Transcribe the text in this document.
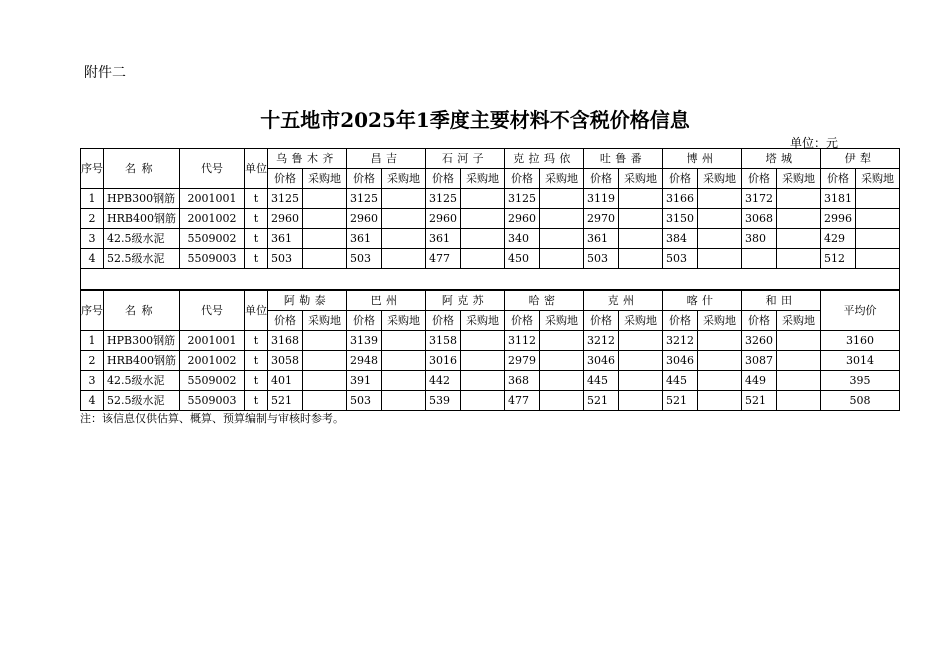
附件二
十五地市2025年1季度主要材料不含税价格信息
单位：元
序号	名称	代号	单位	乌鲁木齐		昌吉		石河子		克拉玛依		吐鲁番		博州		塔城		伊犁	
				价格	采购地	价格	采购地	价格	采购地	价格	采购地	价格	采购地	价格	采购地	价格	采购地	价格	采购地
1	HPB300钢筋	2001001	t	3125		3125		3125		3125		3119		3166		3172		3181	
2	HRB400钢筋	2001002	t	2960		2960		2960		2960		2970		3150		3068		2996	
3	42.5级水泥	5509002	t	361		361		361		340		361		384		380		429	
4	52.5级水泥	5509003	t	503		503		477		450		503		503				512	

序号	名称	代号	单位	阿勒泰		巴州		阿克苏		哈密		克州		喀什		和田		平均价
				价格	采购地	价格	采购地	价格	采购地	价格	采购地	价格	采购地	价格	采购地	价格	采购地	
1	HPB300钢筋	2001001	t	3168		3139		3158		3112		3212		3212		3260		3160
2	HRB400钢筋	2001002	t	3058		2948		3016		2979		3046		3046		3087		3014
3	42.5级水泥	5509002	t	401		391		442		368		445		445		449		395
4	52.5级水泥	5509003	t	521		503		539		477		521		521		521		508
注：该信息仅供估算、概算、预算编制与审核时参考。
